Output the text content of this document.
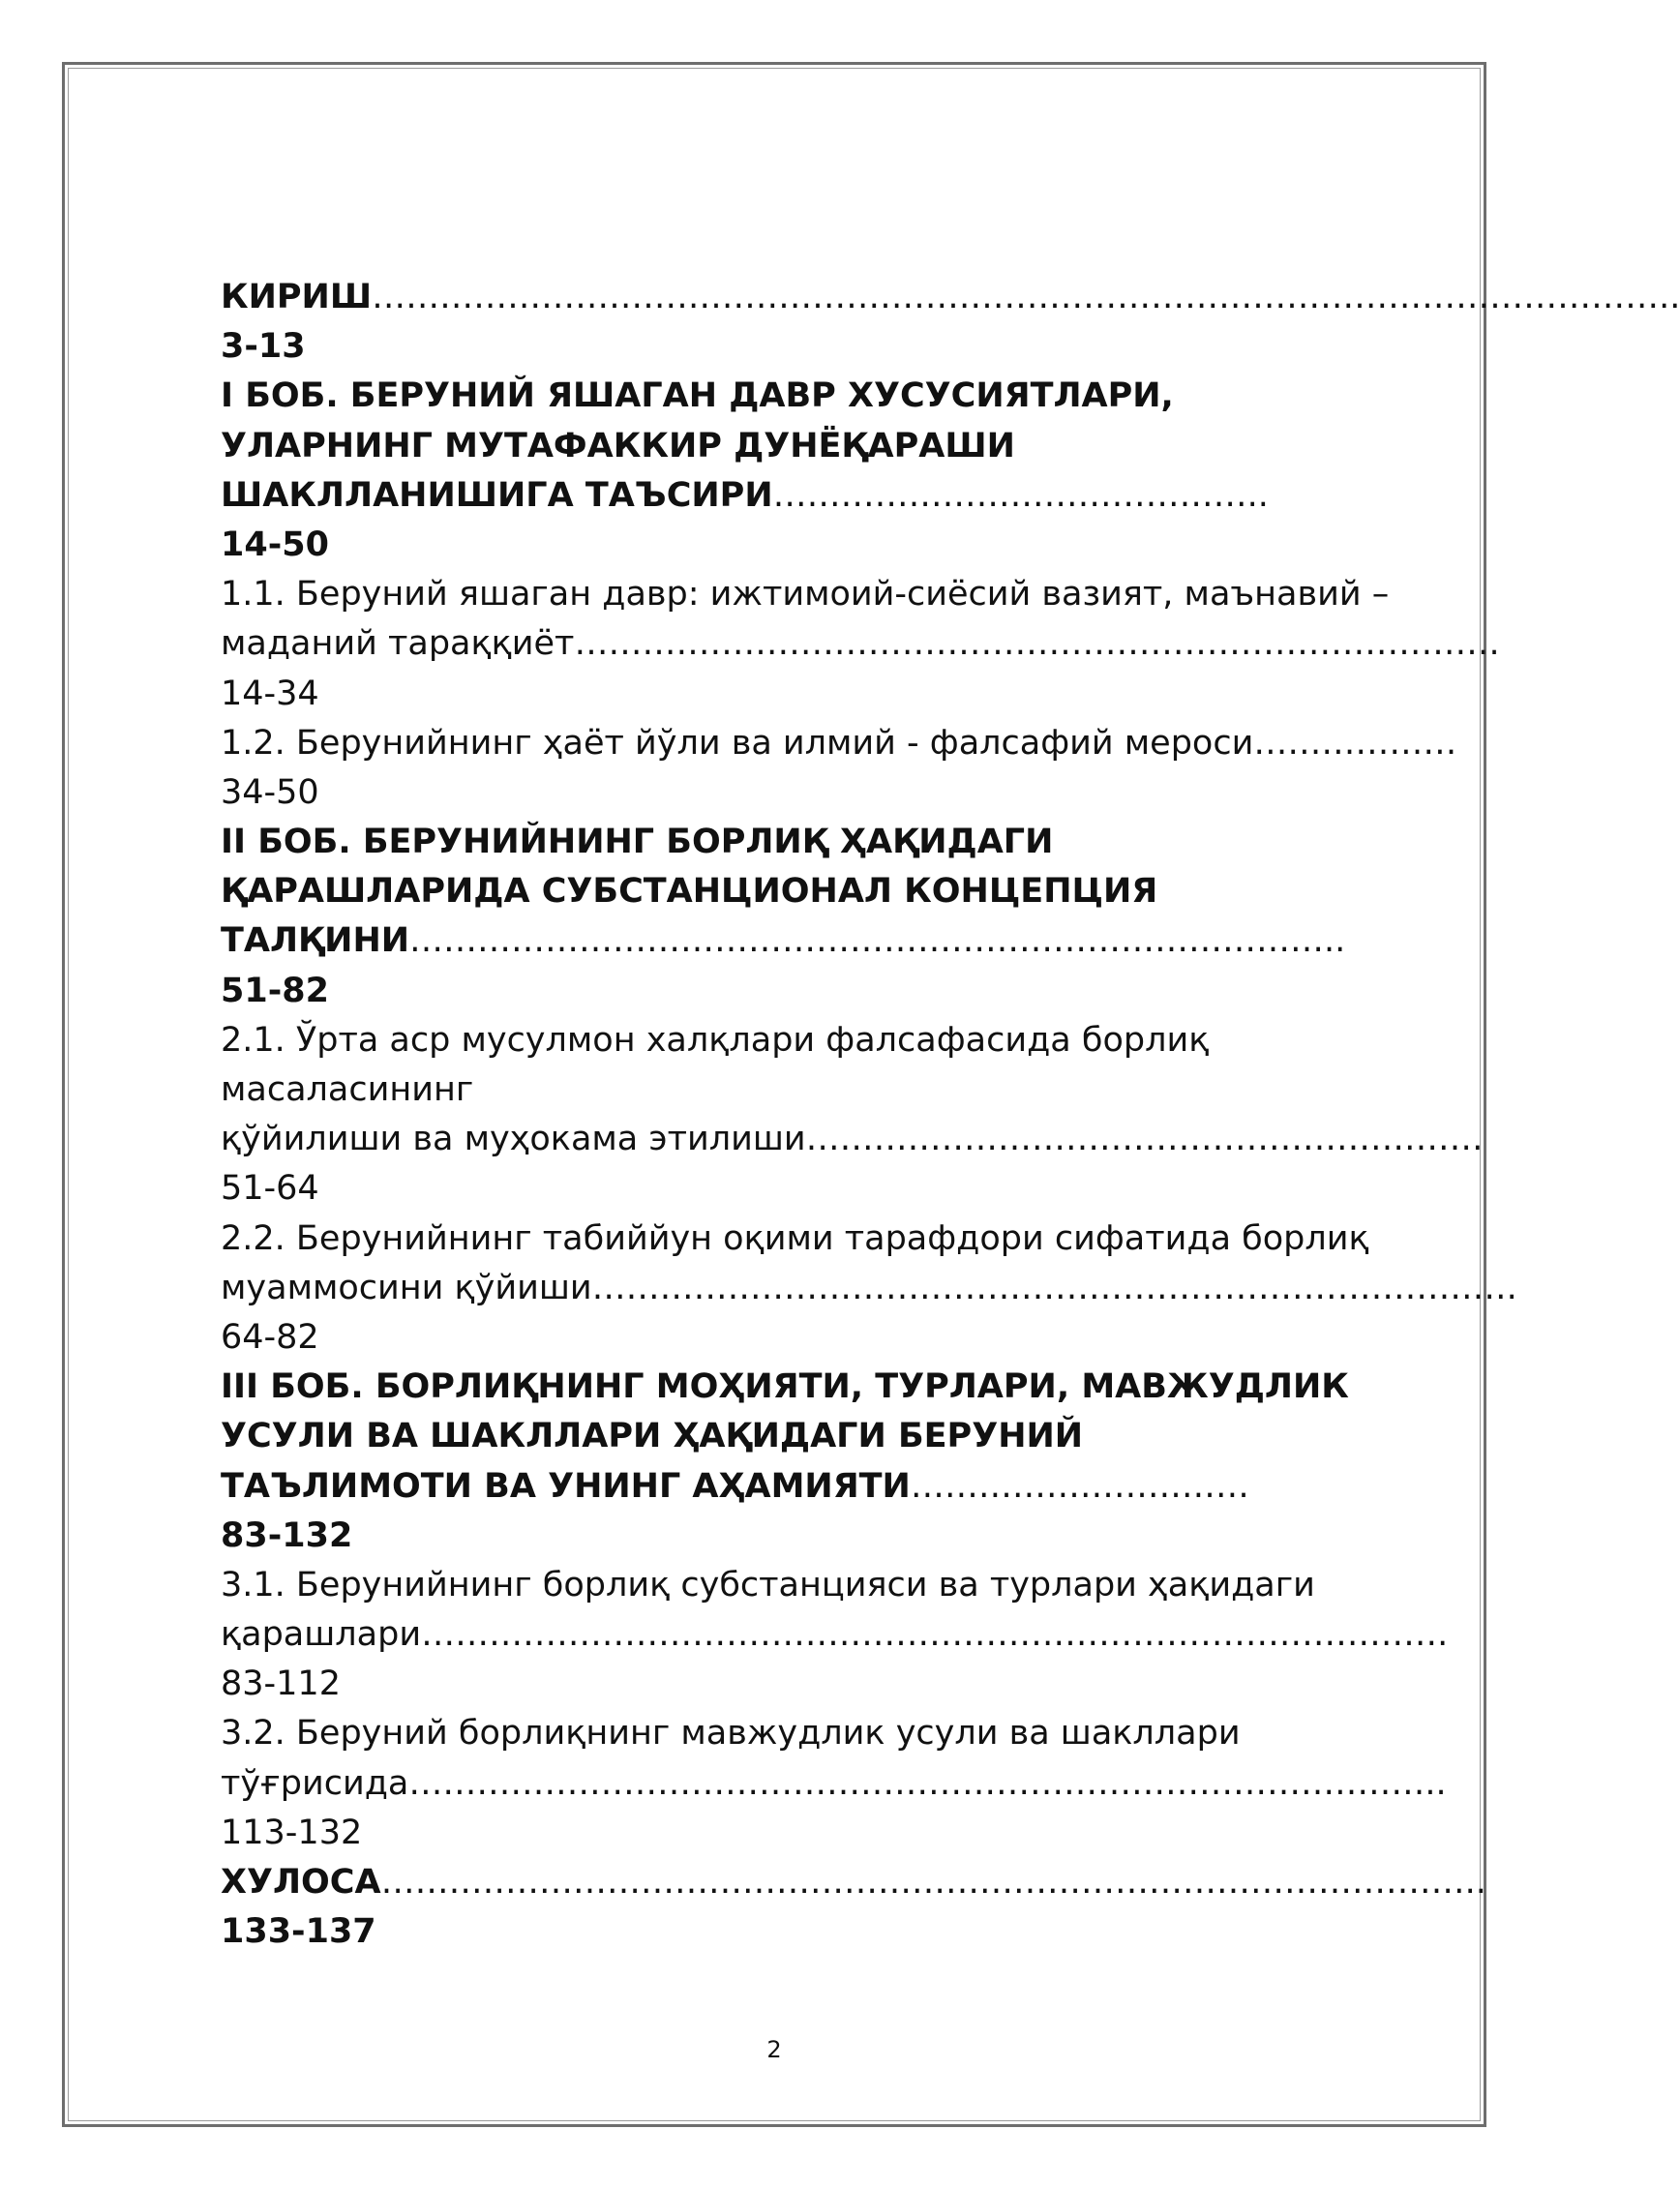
КИРИШ……………………………………………………………………………………………………..
3-13
I БОБ. БЕРУНИЙ ЯШАГАН ДАВР ХУСУСИЯТЛАРИ,
УЛАРНИНГ МУТАФАККИР ДУНЁҚАРАШИ
ШАКЛЛАНИШИГА ТАЪСИРИ……………………………………..
14-50
1.1. Беруний яшаган давр: ижтимоий-сиёсий вазият, маънавий –
маданий тараққиёт……………………………………………………………………….
14-34
1.2. Берунийнинг ҳаёт йўли ва илмий - фалсафий мероси………………
34-50
II БОБ. БЕРУНИЙНИНГ БОРЛИҚ ҲАҚИДАГИ
ҚАРАШЛАРИДА СУБСТАНЦИОНАЛ КОНЦЕПЦИЯ
ТАЛҚИНИ………………………………………………………………………..
51-82
2.1. Ўрта аср мусулмон халқлари фалсафасида борлиқ
масаласининг
қўйилиши ва муҳокама этилиши……………………………………………………
51-64
2.2. Берунийнинг табиййун оқими тарафдори сифатида борлиқ
муаммосини қўйиши……………………………………………………………………….
64-82
III БОБ. БОРЛИҚНИНГ МОҲИЯТИ, ТУРЛАРИ, МАВЖУДЛИК
УСУЛИ ВА ШАКЛЛАРИ ҲАҚИДАГИ БЕРУНИЙ
ТАЪЛИМОТИ ВА УНИНГ АҲАМИЯТИ…………………………
83-132
3.1. Берунийнинг борлиқ субстанцияси ва турлари ҳақидаги
қарашлари……………………………………………………………………………….
83-112
3.2. Беруний борлиқнинг мавжудлик усули ва шакллари
тўғрисида………………………………………………………………………………..
113-132
ХУЛОСА……………………………………………………………………………………..
133-137
2
